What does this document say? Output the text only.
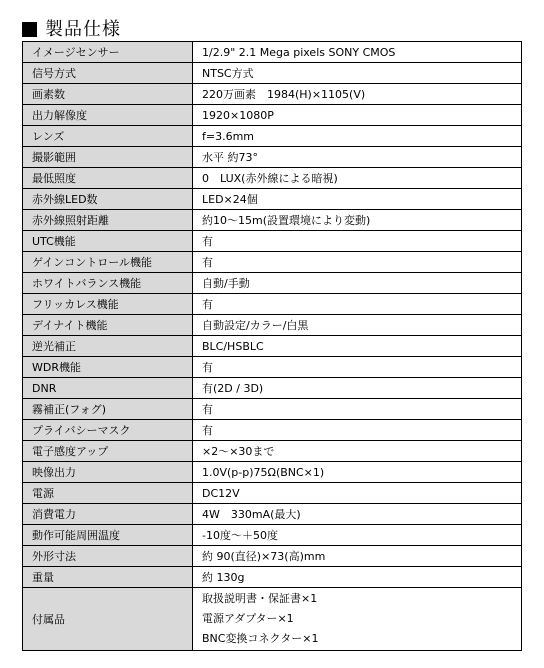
製品仕様
イメージセンサー	1/2.9" 2.1 Mega pixels SONY CMOS
信号方式	NTSC方式
画素数	220万画素　1984(H)×1105(V)
出力解像度	1920×1080P
レンズ	f=3.6mm
撮影範囲	水平 約73°
最低照度	0　LUX(赤外線による暗視)
赤外線LED数	LED×24個
赤外線照射距離	約10～15m(設置環境により変動)
UTC機能	有
ゲインコントロール機能	有
ホワイトバランス機能	自動/手動
フリッカレス機能	有
デイナイト機能	自動設定/カラー/白黒
逆光補正	BLC/HSBLC
WDR機能	有
DNR	有(2D / 3D)
霧補正(フォグ)	有
プライバシーマスク	有
電子感度アップ	×2～×30まで
映像出力	1.0V(p-p)75Ω(BNC×1)
電源	DC12V
消費電力	4W　330mA(最大)
動作可能周囲温度	-10度～＋50度
外形寸法	約 90(直径)×73(高)mm
重量	約 130g
付属品	取扱説明書・保証書×1
電源アダプター×1
BNC変換コネクター×1
